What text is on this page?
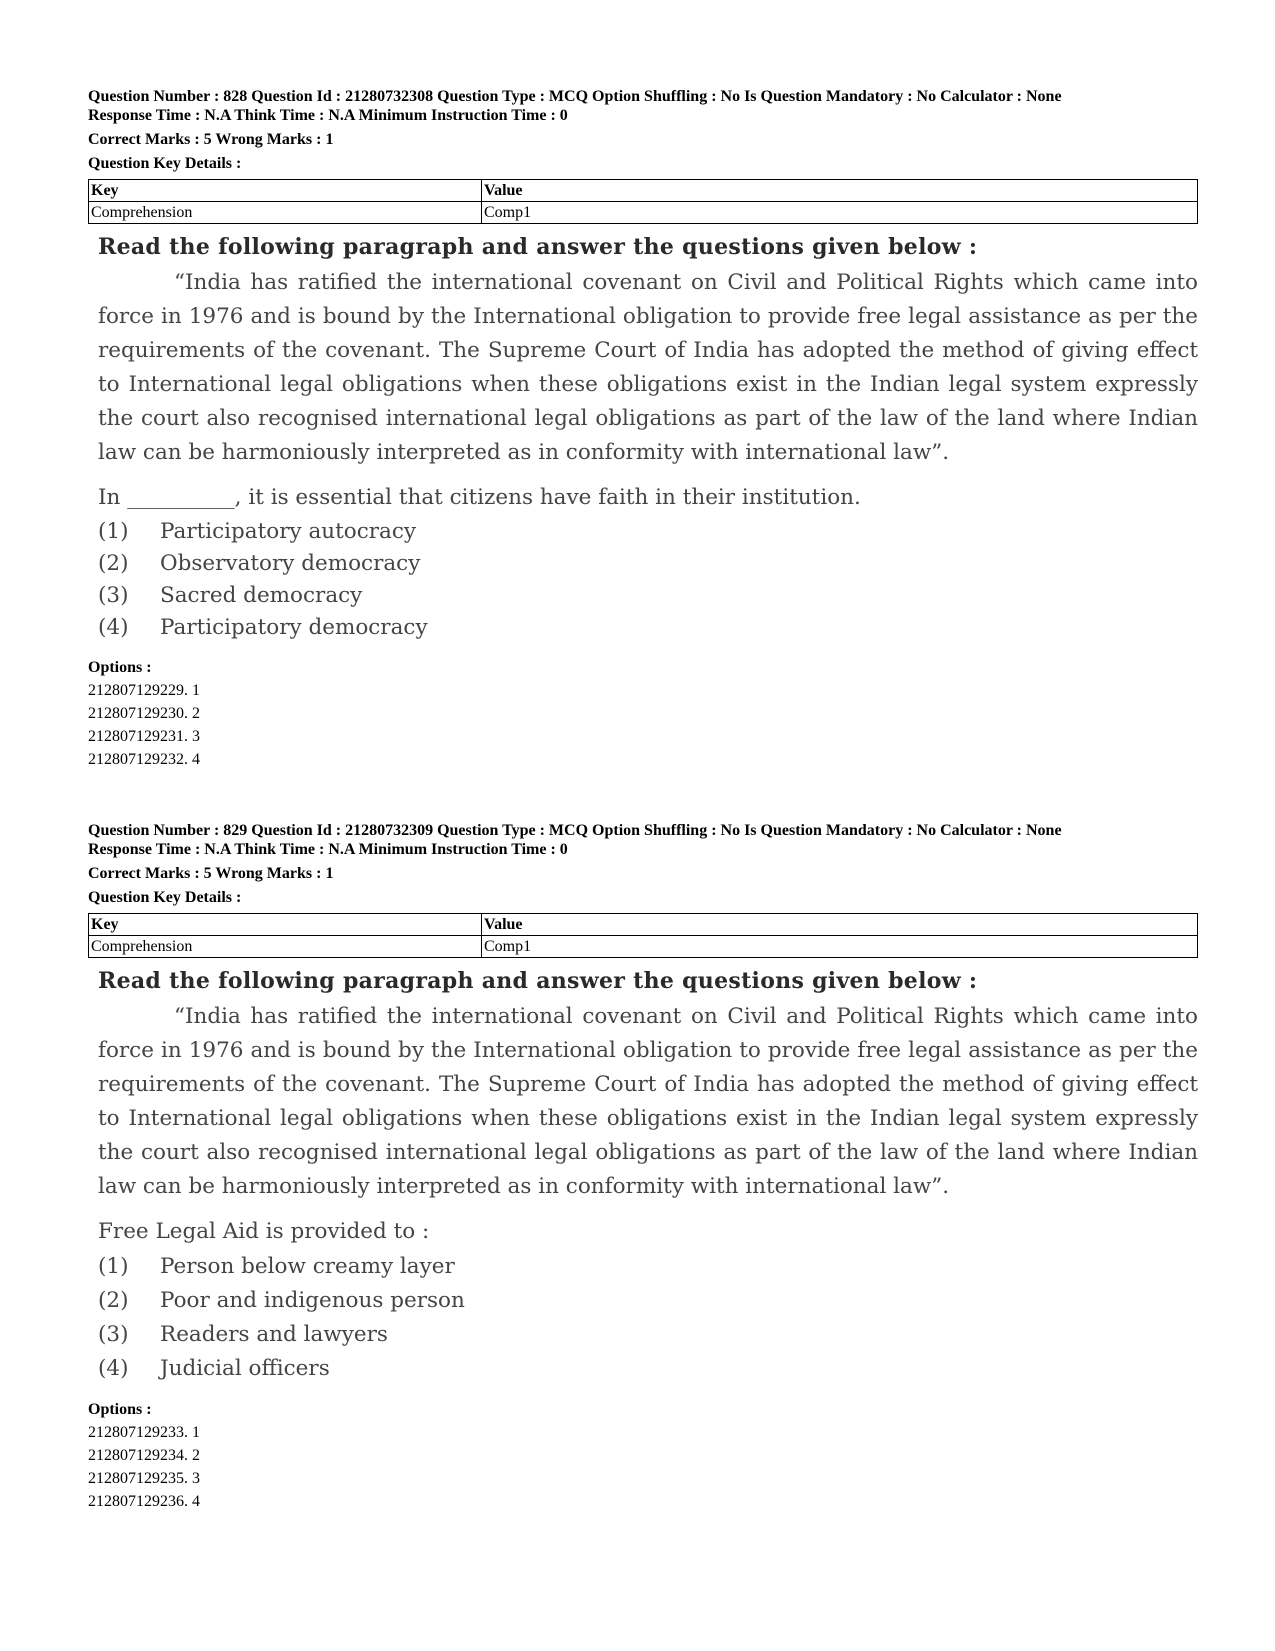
Question Number : 828 Question Id : 21280732308 Question Type : MCQ Option Shuffling : No Is Question Mandatory : No Calculator : None

Response Time : N.A Think Time : N.A Minimum Instruction Time : 0

Correct Marks : 5 Wrong Marks : 1

Question Key Details :

Key	Value
Comprehension	Comp1

Read the following paragraph and answer the questions given below :

“India has ratified the international covenant on Civil and Political Rights which came into force in 1976 and is bound by the International obligation to provide free legal assistance as per the requirements of the covenant. The Supreme Court of India has adopted the method of giving effect to International legal obligations when these obligations exist in the Indian legal system expressly the court also recognised international legal obligations as part of the law of the land where Indian law can be harmoniously interpreted as in conformity with international law”.

In __________, it is essential that citizens have faith in their institution.

(1) Participatory autocracy

(2) Observatory democracy

(3) Sacred democracy

(4) Participatory democracy

Options :
212807129229. 1
212807129230. 2
212807129231. 3
212807129232. 4

Question Number : 829 Question Id : 21280732309 Question Type : MCQ Option Shuffling : No Is Question Mandatory : No Calculator : None

Response Time : N.A Think Time : N.A Minimum Instruction Time : 0

Correct Marks : 5 Wrong Marks : 1

Question Key Details :

Key	Value
Comprehension	Comp1

Read the following paragraph and answer the questions given below :

“India has ratified the international covenant on Civil and Political Rights which came into force in 1976 and is bound by the International obligation to provide free legal assistance as per the requirements of the covenant. The Supreme Court of India has adopted the method of giving effect to International legal obligations when these obligations exist in the Indian legal system expressly the court also recognised international legal obligations as part of the law of the land where Indian law can be harmoniously interpreted as in conformity with international law”.

Free Legal Aid is provided to :

(1) Person below creamy layer

(2) Poor and indigenous person

(3) Readers and lawyers

(4) Judicial officers

Options :
212807129233. 1
212807129234. 2
212807129235. 3
212807129236. 4
